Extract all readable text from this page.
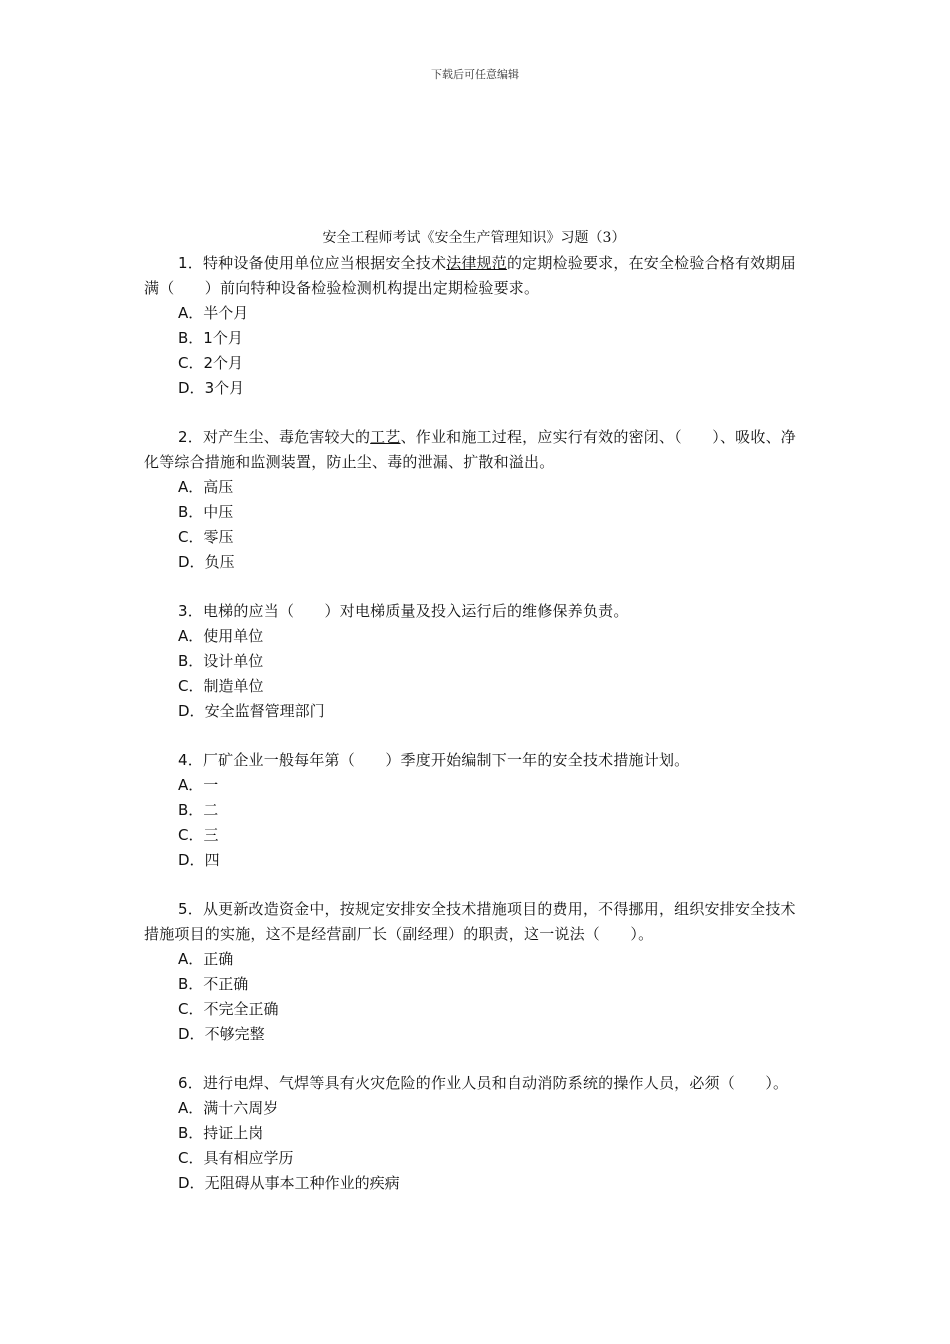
下载后可任意编辑
安全工程师考试《安全生产管理知识》习题（3）

1．特种设备使用单位应当根据安全技术法律规范的定期检验要求，在安全检验合格有效期届满（　　）前向特种设备检验检测机构提出定期检验要求。

A．半个月

B．1个月

C．2个月

D．3个月

2．对产生尘、毒危害较大的工艺、作业和施工过程，应实行有效的密闭、（　　）、吸收、净化等综合措施和监测装置，防止尘、毒的泄漏、扩散和溢出。

A．高压

B．中压

C．零压

D．负压

3．电梯的应当（　　）对电梯质量及投入运行后的维修保养负责。

A．使用单位

B．设计单位

C．制造单位

D．安全监督管理部门

4．厂矿企业一般每年第（　　）季度开始编制下一年的安全技术措施计划。

A．一

B．二

C．三

D．四

5．从更新改造资金中，按规定安排安全技术措施项目的费用，不得挪用，组织安排安全技术措施项目的实施，这不是经营副厂长（副经理）的职责，这一说法（　　）。

A．正确

B．不正确

C．不完全正确

D．不够完整

6．进行电焊、气焊等具有火灾危险的作业人员和自动消防系统的操作人员，必须（　　）。

A．满十六周岁

B．持证上岗

C．具有相应学历

D．无阻碍从事本工种作业的疾病
